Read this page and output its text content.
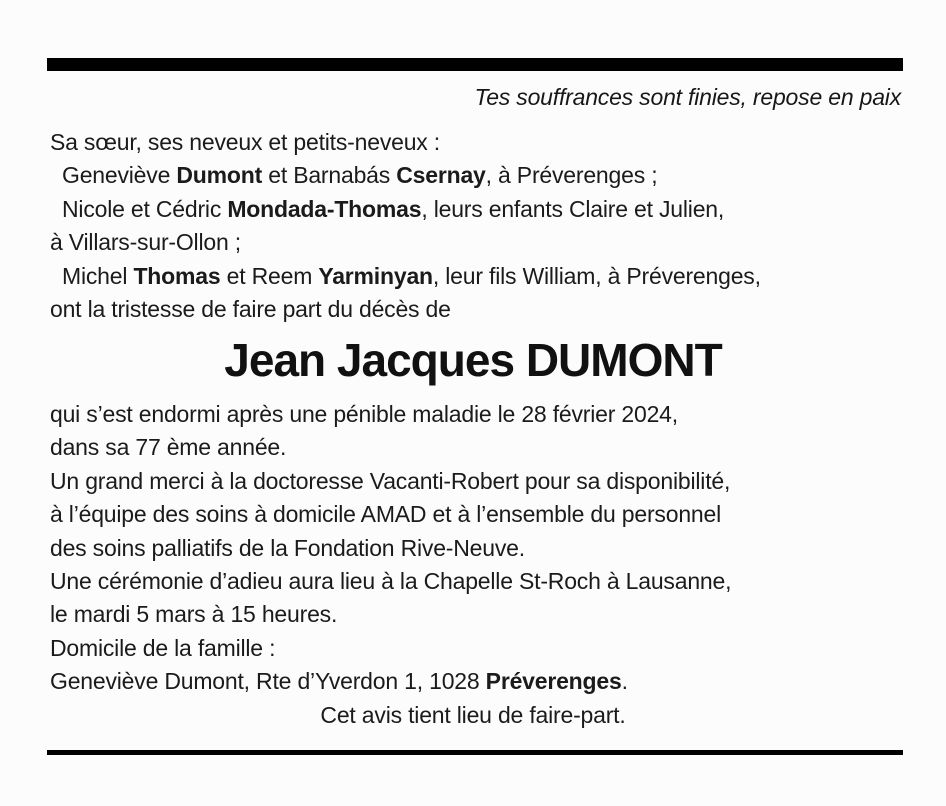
Tes souffrances sont finies, repose en paix
Sa sœur, ses neveux et petits-neveux :
Geneviève Dumont et Barnabás Csernay, à Préverenges ;
Nicole et Cédric Mondada-Thomas, leurs enfants Claire et Julien,
à Villars-sur-Ollon ;
Michel Thomas et Reem Yarminyan, leur fils William, à Préverenges,
ont la tristesse de faire part du décès de
Jean Jacques DUMONT
qui s’est endormi après une pénible maladie le 28 février 2024,
dans sa 77 ème année.
Un grand merci à la doctoresse Vacanti-Robert pour sa disponibilité,
à l’équipe des soins à domicile AMAD et à l’ensemble du personnel
des soins palliatifs de la Fondation Rive-Neuve.
Une cérémonie d’adieu aura lieu à la Chapelle St-Roch à Lausanne,
le mardi 5 mars à 15 heures.
Domicile de la famille :
Geneviève Dumont, Rte d’Yverdon 1, 1028 Préverenges.
Cet avis tient lieu de faire-part.
